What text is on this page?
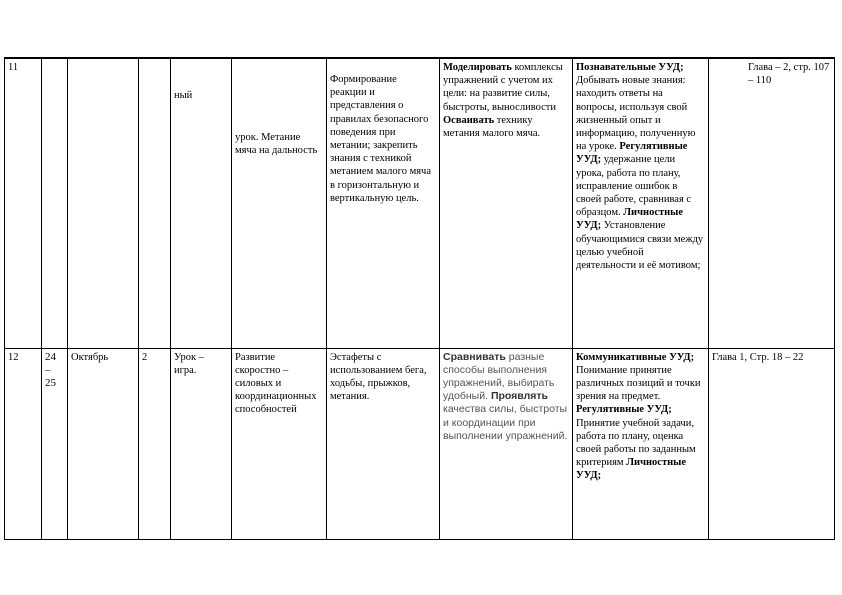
11				ный	урок. Метание мяча на дальность	Формирование реакции и представления о правилах безопасного поведения при метании; закрепить знания с техникой метанием малого мяча в горизонтальную и вертикальную цель.	Моделировать комплексы упражнений с учетом их цели: на развитие силы, быстроты, выносливости Осваивать технику метания малого мяча.	Познавательные УУД; Добывать новые знания: находить ответы на вопросы, используя свой жизненный опыт и информацию, полученную на уроке. Регулятивные УУД; удержание цели урока, работа по плану, исправление ошибок в своей работе, сравнивая с образцом. Личностные УУД; Установление обучающимися связи между целью учебной деятельности и её мотивом;	Глава – 2, стр. 107 – 110

12	24 – 25	Октябрь	2	Урок – игра.	Развитие скоростно – силовых и координационных способностей	Эстафеты с использованием бега, ходьбы, прыжков, метания.	Сравнивать разные способы выполнения упражнений, выбирать удобный. Проявлять качества силы, быстроты и координации при выполнении упражнений.	Коммуникативные УУД; Понимание принятие различных позиций и точки зрения на предмет. Регулятивные УУД; Принятие учебной задачи, работа по плану, оценка своей работы по заданным критериям Личностные УУД;	Глава 1, Стр. 18 – 22
